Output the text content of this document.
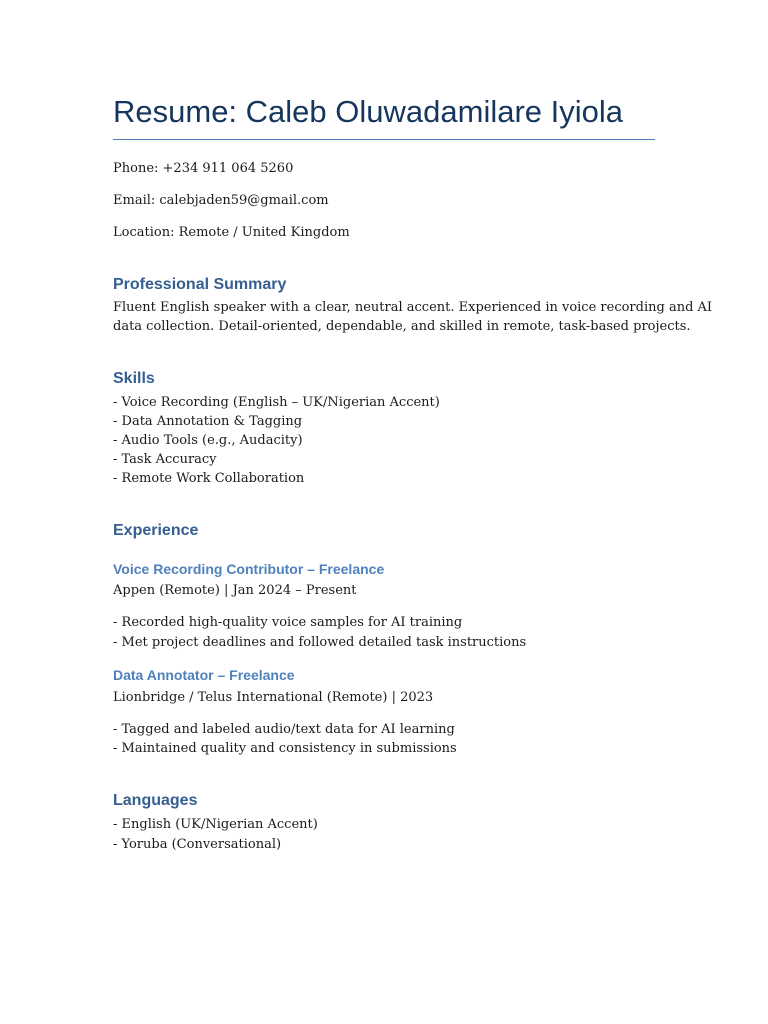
Resume: Caleb Oluwadamilare Iyiola
Phone: +234 911 064 5260
Email: calebjaden59@gmail.com
Location: Remote / United Kingdom
Professional Summary
Fluent English speaker with a clear, neutral accent. Experienced in voice recording and AI
data collection. Detail-oriented, dependable, and skilled in remote, task-based projects.
Skills
- Voice Recording (English – UK/Nigerian Accent)
- Data Annotation & Tagging
- Audio Tools (e.g., Audacity)
- Task Accuracy
- Remote Work Collaboration
Experience
Voice Recording Contributor – Freelance
Appen (Remote) | Jan 2024 – Present
- Recorded high-quality voice samples for AI training
- Met project deadlines and followed detailed task instructions
Data Annotator – Freelance
Lionbridge / Telus International (Remote) | 2023
- Tagged and labeled audio/text data for AI learning
- Maintained quality and consistency in submissions
Languages
- English (UK/Nigerian Accent)
- Yoruba (Conversational)
